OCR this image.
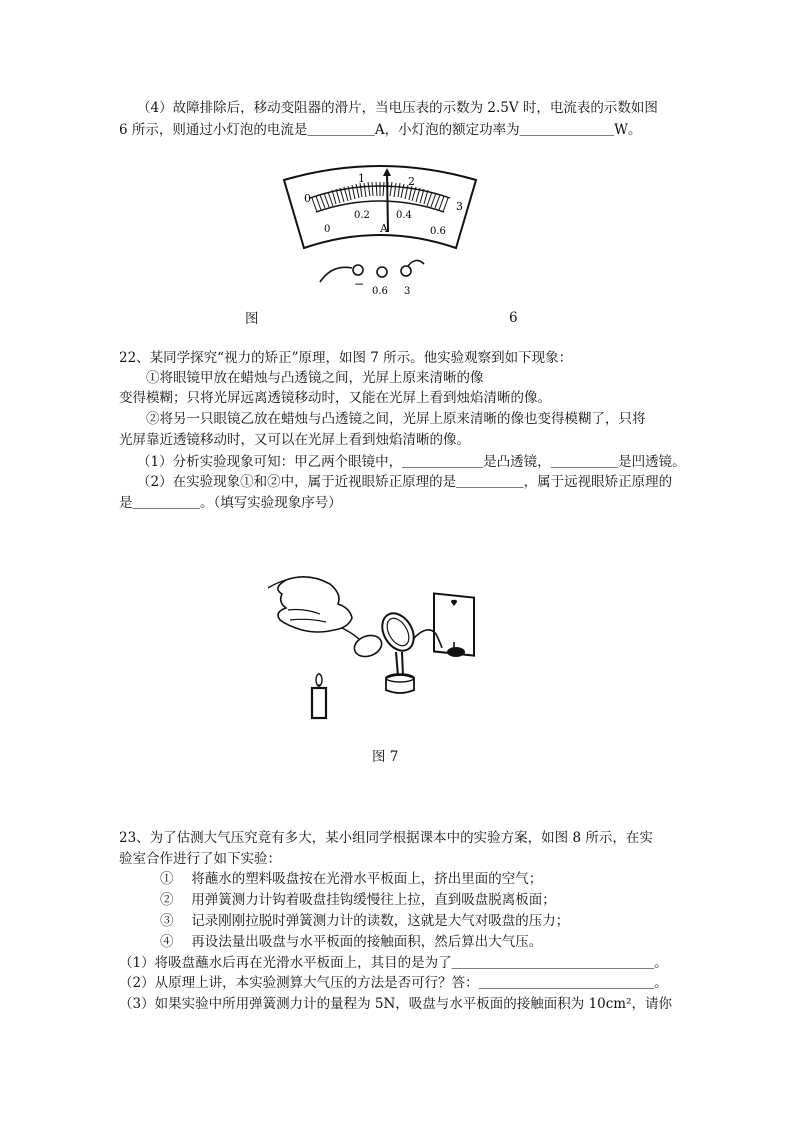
（4）故障排除后，移动变阻器的滑片，当电压表的示数为 2.5V 时，电流表的示数如图
6 所示，则通过小灯泡的电流是＿＿＿＿＿A，小灯泡的额定功率为＿＿＿＿＿＿＿W。
0
1	2
3
0
0.2	0.4
0.6
A
−
0.6 3
图	6
22、某同学探究“视力的矫正”原理，如图 7 所示。他实验观察到如下现象：
①将眼镜甲放在蜡烛与凸透镜之间，光屏上原来清晰的像
变得模糊；只将光屏远离透镜移动时，又能在光屏上看到烛焰清晰的像。
②将另一只眼镜乙放在蜡烛与凸透镜之间，光屏上原来清晰的像也变得模糊了，只将
光屏靠近透镜移动时，又可以在光屏上看到烛焰清晰的像。
（1）分析实验现象可知：甲乙两个眼镜中，＿＿＿＿＿＿是凸透镜，＿＿＿＿＿是凹透镜。
（2）在实验现象①和②中，属于近视眼矫正原理的是＿＿＿＿＿，属于远视眼矫正原理的
是＿＿＿＿＿。（填写实验现象序号）
图 7
23、为了估测大气压究竟有多大，某小组同学根据课本中的实验方案，如图 8 所示，在实
验室合作进行了如下实验：
①　 将蘸水的塑料吸盘按在光滑水平板面上，挤出里面的空气；
②　 用弹簧测力计钩着吸盘挂钩缓慢往上拉，直到吸盘脱离板面；
③　 记录刚刚拉脱时弹簧测力计的读数，这就是大气对吸盘的压力；
④　 再设法量出吸盘与水平板面的接触面积，然后算出大气压。
（1）将吸盘蘸水后再在光滑水平板面上，其目的是为了＿＿＿＿＿＿＿＿＿＿＿＿＿＿＿。
（2）从原理上讲，本实验测算大气压的方法是否可行？答：＿＿＿＿＿＿＿＿＿＿＿＿＿。
（3）如果实验中所用弹簧测力计的量程为 5N，吸盘与水平板面的接触面积为 10cm²，请你
